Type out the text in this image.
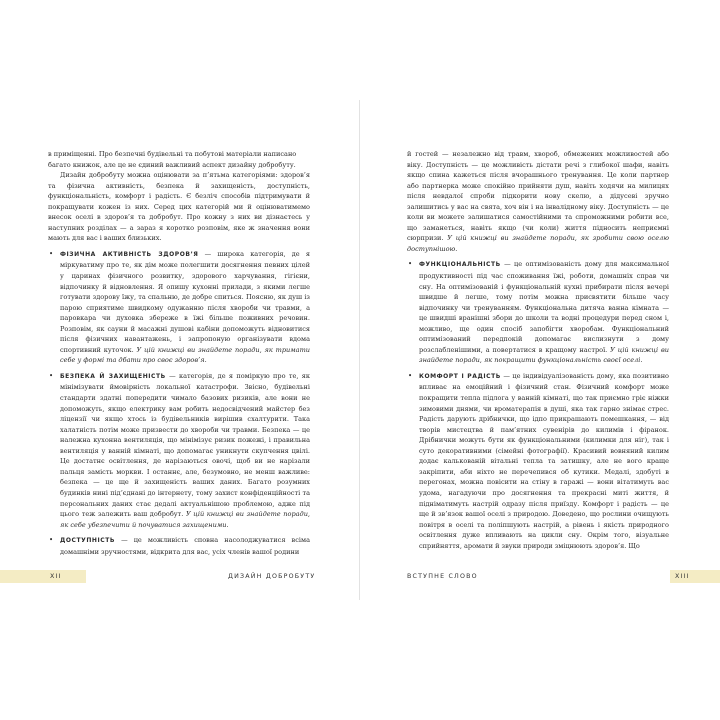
в приміщенні. Про безпечні будівельні та побутові матеріали написано

багато книжок, але це не єдиний важливий аспект дизайну добробуту.

Дизайн добробуту можна оцінювати за п’ятьма категоріями: здоров’я та фізична активність, безпека й захищеність, доступність, функціональність, комфорт і радість. Є безліч способів підтримувати й покращувати кожен із них. Серед цих категорій ми й оцінюватимемо внесок оселі в здоров’я та добробут. Про кожну з них ви дізнаєтесь у наступних розділах — а зараз я коротко розповім, яке ж значення вони мають для вас і ваших близьких.

• ФІЗИЧНА АКТИВНІСТЬ ЗДОРОВ’Я — широка категорія, де я міркуватиму про те, як дім може полегшити досягнення певних цілей у царинах фізичного розвитку, здорового харчування, гігієни, відпочинку й відновлення. Я опишу кухонні прилади, з якими легше готувати здорову їжу, та спальню, де добре спиться. Поясню, як душ із парою сприятиме швидкому одужанню після хвороби чи травми, а паровкара чи духовка збереже в їжі більше поживних речовин. Розповім, як сауни й масажні душові кабіни допоможуть відновитися після фізичних навантажень, і запропоную організувати вдома спортивний куточок. У цій книжці ви знайдете поради, як тримати себе у формі та дбати про своє здоров’я.

• БЕЗПЕКА Й ЗАХИЩЕНІСТЬ — категорія, де я поміркую про те, як мінімізувати ймовірність локальної катастрофи. Звісно, будівельні стандарти здатні попередити чимало базових ризиків, але вони не допоможуть, якщо електрику вам робить недосвідчений майстер без ліцензії чи якщо хтось із будівельників вирішив схалтурити. Така халатність потім може призвести до хвороби чи травми. Безпека — це належна кухонна вентиляція, що мінімізує ризик пожежі, і правильна вентиляція у ванній кімнаті, що допомагає уникнути скупчення цвілі. Це достатнє освітлення, де нарізаються овочі, щоб ви не нарізали пальця замість моркви. І останнє, але, безумовно, не менш важливе: безпека — це ще й захищеність ваших даних. Багато розумних будинків нині під’єднані до інтернету, тому захист конфіденційності та персональних даних стає дедалі актуальнішою проблемою, адже під цього теж залежить ваш добробут. У цій книжці ви знайдете поради, як себе убезпечити й почуватися захищеними.

• ДОСТУПНІСТЬ — це можливість сповна насолоджуватися всіма домашніми зручностями, відкрита для вас, усіх членів вашої родини

XII	ДИЗАЙН ДОБРОБУТУ

й гостей — незалежно від травм, хвороб, обмежених можливостей або віку. Доступність — це можливість дістати речі з глибокої шафи, навіть якщо спина кажеться після вчорашнього тренування. Це коли партнер або партнерка може спокійно прийняти душ, навіть ходячи на милицях після невдалої спроби підкорити нову скелю, а дідусеві зручно залишитись у вас на свята, хоч він і на інвалідному віку. Доступність — це коли ви можете залишатися самостійними та спроможними робити все, що заманеться, навіть якщо (чи коли) життя підносить неприємні сюрпризи. У цій книжці ви знайдете поради, як зробити свою оселю доступнішою.

• ФУНКЦІОНАЛЬНІСТЬ — це оптимізованість дому для максимальної продуктивності під час споживання їжі, роботи, домашніх справ чи сну. На оптимізованій і функціональній кухні прибирати після вечері швидше й легше, тому потім можна присвятити більше часу відпочинку чи тренуванням. Функціональна дитяча ванна кімната — це швидші вранішні збори до школи та водні процедури перед сном і, можливо, ще один спосіб запобігти хворобам. Функціональний оптимізований передпокій допомагає вислизнути з дому розслабленішими, а повертатися в кращому настрої. У цій книжці ви знайдете поради, як покращити функціональність своєї оселі.

• КОМФОРТ І РАДІСТЬ — це індивідуалізованість дому, яка позитивно впливає на емоційний і фізичний стан. Фізичний комфорт може покращити тепла підлога у ванній кімнаті, що так приємно гріє ніжки зимовими днями, чи вроматерапія в душі, яка так гарно знімає стрес. Радість дарують дрібнички, що ідпо прикрашають помешкання, — від творів мистецтва й пам’ятних сувенірів до килимів і фіранок. Дрібнички можуть бути як функціональними (килимки для ніг), так і суто декоративними (сімейні фотографії). Красивий вовняний килим додає калькованій вітальні тепла та затишку, але не вого краще закріпити, аби ніхто не перечепився об кутики. Медалі, здобуті в перегонах, можна повісити на стіну в гаражі — вони вітатимуть вас удома, нагадуючи про досягнення та прекрасні миті життя, й підніматимуть настрій одразу після приїзду. Комфорт і радість — це ще й зв’язок вашої оселі з природою. Доведено, що рослини очищують повітря в оселі та поліпшують настрій, а рівень і якість природного освітлення дуже впливають на цикли сну. Окрім того, візуальне сприйняття, аромати й звуки природи зміцнюють здоров’я. Що

ВСТУПНЕ СЛОВО	XIII
